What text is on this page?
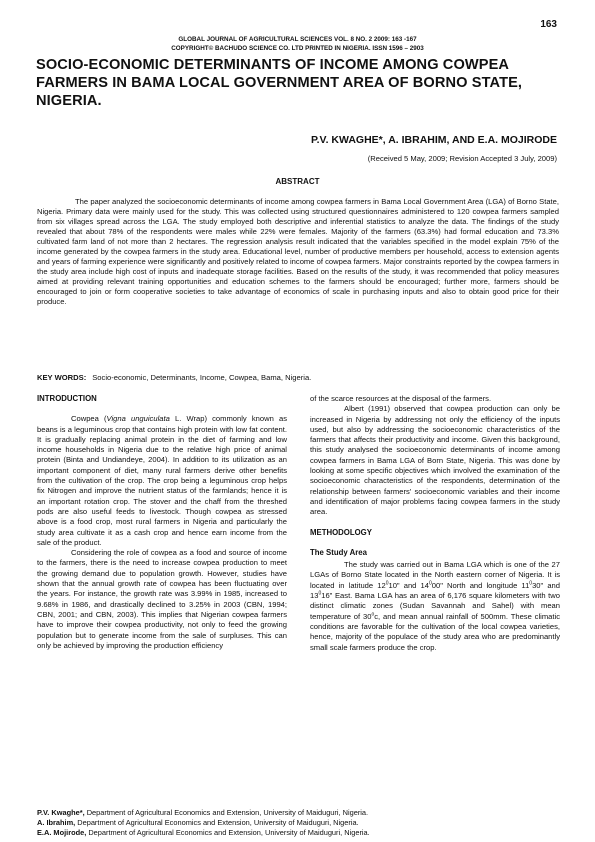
163
GLOBAL JOURNAL OF AGRICULTURAL SCIENCES VOL. 8 NO. 2 2009: 163 -167
COPYRIGHT© BACHUDO SCIENCE CO. LTD PRINTED IN NIGERIA. ISSN 1596 – 2903
SOCIO-ECONOMIC DETERMINANTS OF INCOME AMONG COWPEA FARMERS IN BAMA LOCAL GOVERNMENT AREA OF BORNO STATE, NIGERIA.
P.V. KWAGHE*, A. IBRAHIM, AND E.A. MOJIRODE
(Received 5 May, 2009; Revision Accepted 3 July, 2009)
ABSTRACT

The paper analyzed the socioeconomic determinants of income among cowpea farmers in Bama Local Government Area (LGA) of Borno State, Nigeria. Primary data were mainly used for the study. This was collected using structured questionnaires administered to 120 cowpea farmers sampled from six villages spread across the LGA. The study employed both descriptive and inferential statistics to analyze the data. The findings of the study revealed that about 78% of the respondents were males while 22% were females. Majority of the farmers (63.3%) had formal education and 73.3% cultivated farm land of not more than 2 hectares. The regression analysis result indicated that the variables specified in the model explain 75% of the income generated by the cowpea farmers in the study area. Educational level, number of productive members per household, access to extension agents and years of farming experience were significantly and positively related to income of cowpea farmers. Major constraints reported by the cowpea farmers in the study area include high cost of inputs and inadequate storage facilities. Based on the results of the study, it was recommended that policy measures aimed at providing relevant training opportunities and education schemes to the farmers should be encouraged; further more, farmers should be encouraged to join or form cooperative societies to take advantage of economics of scale in purchasing inputs and also to obtain good price for their produce.

KEY WORDS: Socio-economic, Determinants, Income, Cowpea, Bama, Nigeria.
INTRODUCTION

Cowpea (Vigna unguiculata L. Wrap) commonly known as beans is a leguminous crop that contains high protein with low fat content. It is gradually replacing animal protein in the diet of farming and low income households in Nigeria due to the relative high price of animal protein (Binta and Undiandeye, 2004). In addition to its utilization as an important component of diet, many rural farmers derive other benefits from the cultivation of the crop. The crop being a leguminous crop helps fix Nitrogen and improve the nutrient status of the farmlands; hence it is an important rotation crop. The stover and the chaff from the threshed pods are also useful feeds to livestock. Though cowpea as stressed above is a food crop, most rural farmers in Nigeria and particularly the study area cultivate it as a cash crop and hence earn income from the sale of the product.

Considering the role of cowpea as a food and source of income to the farmers, there is the need to increase cowpea production to meet the growing demand due to population growth. However, studies have shown that the annual growth rate of cowpea has been fluctuating over the years. For instance, the growth rate was 3.99% in 1985, increased to 9.68% in 1986, and drastically declined to 3.25% in 2003 (CBN, 1994; CBN, 2001; and CBN, 2003). This implies that Nigerian cowpea farmers have to improve their cowpea productivity, not only to feed the growing population but to generate income from the sale of surpluses. This can only be achieved by improving the production efficiency

of the scarce resources at the disposal of the farmers.

Albert (1991) observed that cowpea production can only be increased in Nigeria by addressing not only the efficiency of the inputs used, but also by addressing the socioeconomic characteristics of the farmers that affects their productivity and income. Given this background, this study analysed the socioeconomic determinants of income among cowpea farmers in Bama LGA of Born State, Nigeria. This was done by looking at some specific objectives which involved the examination of the socioeconomic characteristics of the respondents, determination of the relationship between farmers' socioeconomic variables and their income and identification of major problems facing cowpea farmers in the study area.

METHODOLOGY
The Study Area

The study was carried out in Bama LGA which is one of the 27 LGAs of Borno State located in the North eastern corner of Nigeria. It is located in latitude $12^010$" and $14^000$" North and longitude $11^030$" and $13^016$" East. Bama LGA has an area of 6,176 square kilometers with two distinct climatic zones (Sudan Savannah and Sahel) with mean temperature of 30$^o$c, and mean annual rainfall of 500mm. These climatic conditions are favorable for the cultivation of the local cowpea varieties, hence, majority of the populace of the study area who are predominantly small scale farmers produce the crop.

P.V. Kwaghe*, Department of Agricultural Economics and Extension, University of Maiduguri, Nigeria.
A. Ibrahim, Department of Agricultural Economics and Extension, University of Maiduguri, Nigeria.
E.A. Mojirode, Department of Agricultural Economics and Extension, University of Maiduguri, Nigeria.
